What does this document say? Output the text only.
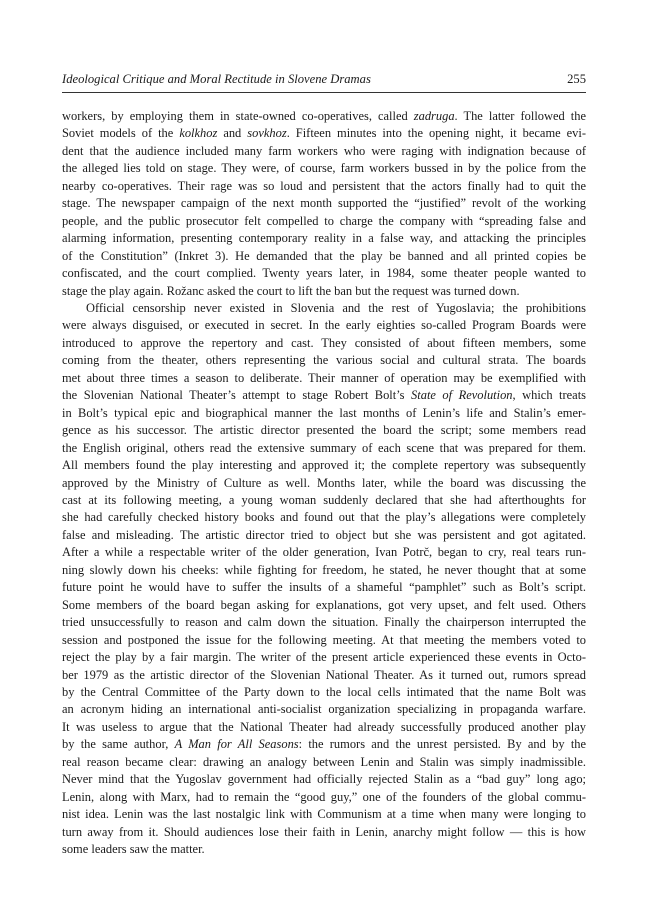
Ideological Critique and Moral Rectitude in Slovene Dramas	255
workers, by employing them in state-owned co-operatives, called zadruga. The latter followed the
Soviet models of the kolkhoz and sovkhoz. Fifteen minutes into the opening night, it became evi-
dent that the audience included many farm workers who were raging with indignation because of
the alleged lies told on stage. They were, of course, farm workers bussed in by the police from the
nearby co-operatives. Their rage was so loud and persistent that the actors finally had to quit the
stage. The newspaper campaign of the next month supported the “justified” revolt of the working
people, and the public prosecutor felt compelled to charge the company with “spreading false and
alarming information, presenting contemporary reality in a false way, and attacking the principles
of the Constitution” (Inkret 3). He demanded that the play be banned and all printed copies be
confiscated, and the court complied. Twenty years later, in 1984, some theater people wanted to
stage the play again. Rožanc asked the court to lift the ban but the request was turned down.
Official censorship never existed in Slovenia and the rest of Yugoslavia; the prohibitions
were always disguised, or executed in secret. In the early eighties so-called Program Boards were
introduced to approve the repertory and cast. They consisted of about fifteen members, some
coming from the theater, others representing the various social and cultural strata. The boards
met about three times a season to deliberate. Their manner of operation may be exemplified with
the Slovenian National Theater’s attempt to stage Robert Bolt’s State of Revolution, which treats
in Bolt’s typical epic and biographical manner the last months of Lenin’s life and Stalin’s emer-
gence as his successor. The artistic director presented the board the script; some members read
the English original, others read the extensive summary of each scene that was prepared for them.
All members found the play interesting and approved it; the complete repertory was subsequently
approved by the Ministry of Culture as well. Months later, while the board was discussing the
cast at its following meeting, a young woman suddenly declared that she had afterthoughts for
she had carefully checked history books and found out that the play’s allegations were completely
false and misleading. The artistic director tried to object but she was persistent and got agitated.
After a while a respectable writer of the older generation, Ivan Potrč, began to cry, real tears run-
ning slowly down his cheeks: while fighting for freedom, he stated, he never thought that at some
future point he would have to suffer the insults of a shameful “pamphlet” such as Bolt’s script.
Some members of the board began asking for explanations, got very upset, and felt used. Others
tried unsuccessfully to reason and calm down the situation. Finally the chairperson interrupted the
session and postponed the issue for the following meeting. At that meeting the members voted to
reject the play by a fair margin. The writer of the present article experienced these events in Octo-
ber 1979 as the artistic director of the Slovenian National Theater. As it turned out, rumors spread
by the Central Committee of the Party down to the local cells intimated that the name Bolt was
an acronym hiding an international anti-socialist organization specializing in propaganda warfare.
It was useless to argue that the National Theater had already successfully produced another play
by the same author, A Man for All Seasons: the rumors and the unrest persisted. By and by the
real reason became clear: drawing an analogy between Lenin and Stalin was simply inadmissible.
Never mind that the Yugoslav government had officially rejected Stalin as a “bad guy” long ago;
Lenin, along with Marx, had to remain the “good guy,” one of the founders of the global commu-
nist idea. Lenin was the last nostalgic link with Communism at a time when many were longing to
turn away from it. Should audiences lose their faith in Lenin, anarchy might follow — this is how
some leaders saw the matter.
